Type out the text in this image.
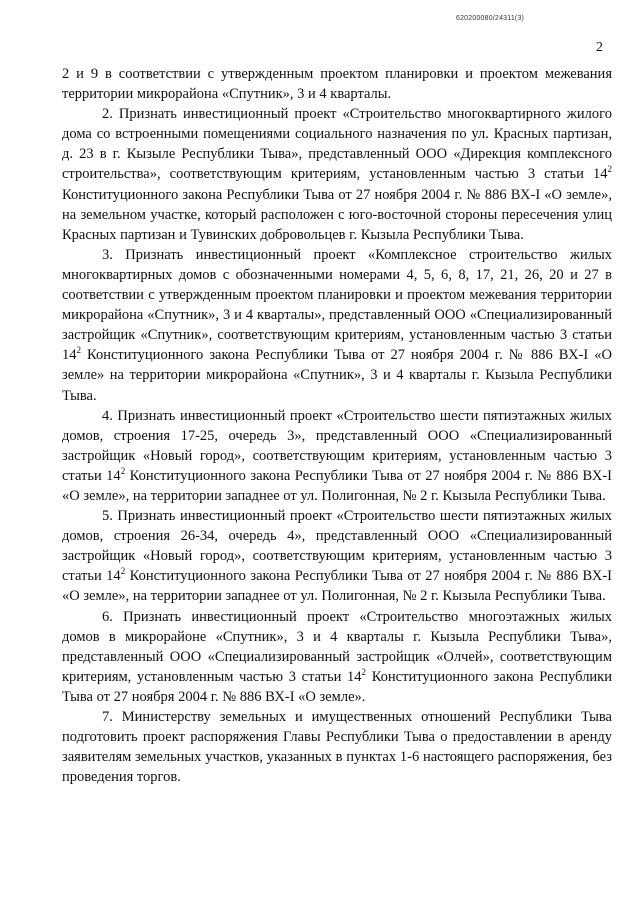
620200080/24311(3)
2

2 и 9 в соответствии с утвержденным проектом планировки и проектом межевания территории микрорайона «Спутник», 3 и 4 кварталы.

2. Признать инвестиционный проект «Строительство многоквартирного жилого дома со встроенными помещениями социального назначения по ул. Красных партизан, д. 23 в г. Кызыле Республики Тыва», представленный ООО «Дирекция комплексного строительства», соответствующим критериям, установленным частью 3 статьи $14^2$ Конституционного закона Республики Тыва от 27 ноября 2004 г. № 886 ВХ-I «О земле», на земельном участке, который расположен с юго-восточной стороны пересечения улиц Красных партизан и Тувинских добровольцев г. Кызыла Республики Тыва.

3. Признать инвестиционный проект «Комплексное строительство жилых многоквартирных домов с обозначенными номерами 4, 5, 6, 8, 17, 21, 26, 20 и 27 в соответствии с утвержденным проектом планировки и проектом межевания территории микрорайона «Спутник», 3 и 4 кварталы», представленный ООО «Специализированный застройщик «Спутник», соответствующим критериям, установленным частью 3 статьи $14^2$ Конституционного закона Республики Тыва от 27 ноября 2004 г. № 886 ВХ-I «О земле» на территории микрорайона «Спутник», 3 и 4 кварталы г. Кызыла Республики Тыва.

4. Признать инвестиционный проект «Строительство шести пятиэтажных жилых домов, строения 17-25, очередь 3», представленный ООО «Специализированный застройщик «Новый город», соответствующим критериям, установленным частью 3 статьи $14^2$ Конституционного закона Республики Тыва от 27 ноября 2004 г. № 886 ВХ-I «О земле», на территории западнее от ул. Полигонная, № 2 г. Кызыла Республики Тыва.

5. Признать инвестиционный проект «Строительство шести пятиэтажных жилых домов, строения 26-34, очередь 4», представленный ООО «Специализированный застройщик «Новый город», соответствующим критериям, установленным частью 3 статьи $14^2$ Конституционного закона Республики Тыва от 27 ноября 2004 г. № 886 ВХ-I «О земле», на территории западнее от ул. Полигонная, № 2 г. Кызыла Республики Тыва.

6. Признать инвестиционный проект «Строительство многоэтажных жилых домов в микрорайоне «Спутник», 3 и 4 кварталы г. Кызыла Республики Тыва», представленный ООО «Специализированный застройщик «Олчей», соответствующим критериям, установленным частью 3 статьи $14^2$ Конституционного закона Республики Тыва от 27 ноября 2004 г. № 886 ВХ-I «О земле».

7. Министерству земельных и имущественных отношений Республики Тыва подготовить проект распоряжения Главы Республики Тыва о предоставлении в аренду заявителям земельных участков, указанных в пунктах 1-6 настоящего распоряжения, без проведения торгов.
